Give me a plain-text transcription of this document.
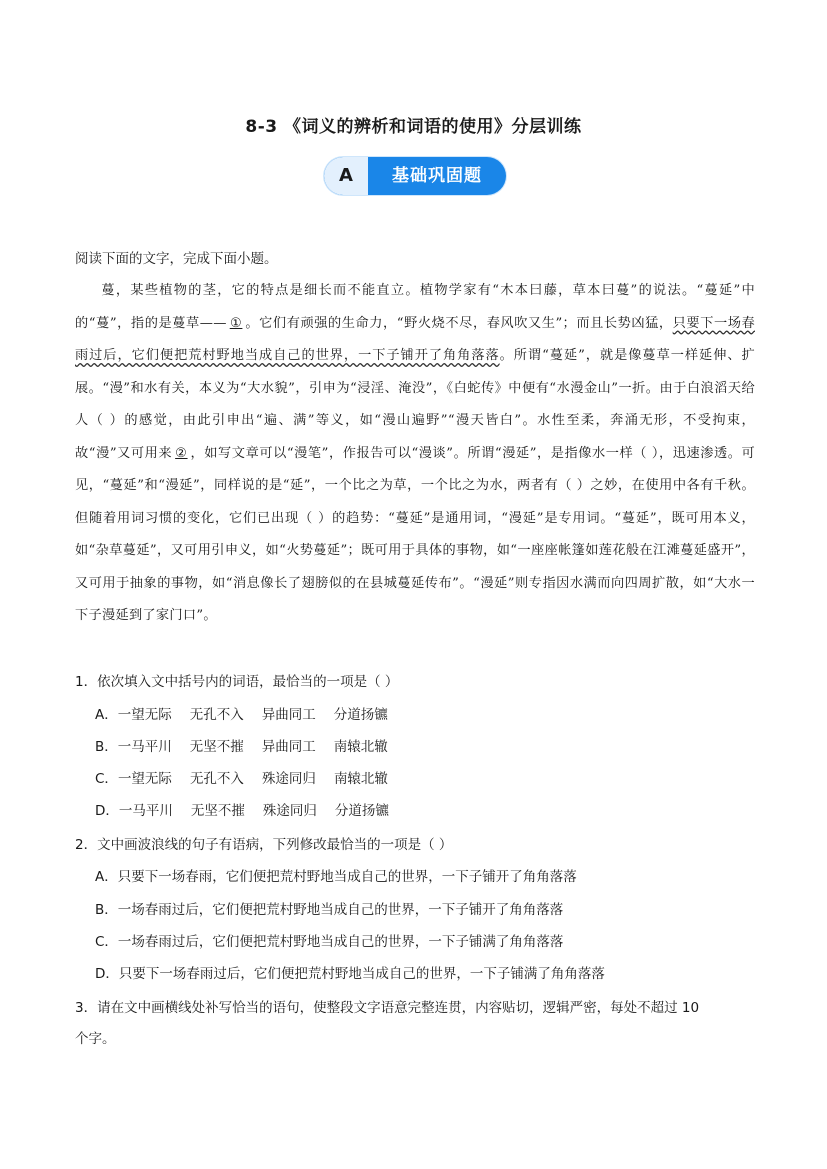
8-3 《词义的辨析和词语的使用》分层训练
A	基础巩固题
阅读下面的文字，完成下面小题。
蔓，某些植物的茎，它的特点是细长而不能直立。植物学家有“木本曰藤，草本曰蔓”的说法。“蔓延”中的“蔓”，指的是蔓草—— ① 。它们有顽强的生命力，“野火烧不尽，春风吹又生”；而且长势凶猛，只要下一场春雨过后，它们便把荒村野地当成自己的世界，一下子铺开了角角落落。所谓“蔓延”，就是像蔓草一样延伸、扩展。“漫”和水有关，本义为“大水貌”，引申为“浸淫、淹没”，《白蛇传》中便有“水漫金山”一折。由于白浪滔天给人（ ）的感觉，由此引申出“遍、满”等义，如“漫山遍野”“漫天皆白”。水性至柔，奔涌无形，不受拘束，故“漫”又可用来 ② ，如写文章可以“漫笔”，作报告可以“漫谈”。所谓“漫延”，是指像水一样（ ），迅速渗透。可见，“蔓延”和“漫延”，同样说的是“延”，一个比之为草，一个比之为水，两者有（ ）之妙，在使用中各有千秋。但随着用词习惯的变化，它们已出现（ ）的趋势：“蔓延”是通用词，“漫延”是专用词。“蔓延”，既可用本义，如“杂草蔓延”，又可用引申义，如“火势蔓延”；既可用于具体的事物，如“一座座帐篷如莲花般在江滩蔓延盛开”，又可用于抽象的事物，如“消息像长了翅膀似的在县城蔓延传布”。“漫延”则专指因水满而向四周扩散，如“大水一下子漫延到了家门口”。
1．依次填入文中括号内的词语，最恰当的一项是（ ）
A．一望无际 无孔不入 异曲同工 分道扬镳
B．一马平川 无坚不摧 异曲同工 南辕北辙
C．一望无际 无孔不入 殊途同归 南辕北辙
D．一马平川 无坚不摧 殊途同归 分道扬镳
2．文中画波浪线的句子有语病，下列修改最恰当的一项是（ ）
A．只要下一场春雨，它们便把荒村野地当成自己的世界，一下子铺开了角角落落
B．一场春雨过后，它们便把荒村野地当成自己的世界，一下子铺开了角角落落
C．一场春雨过后，它们便把荒村野地当成自己的世界，一下子铺满了角角落落
D．只要下一场春雨过后，它们便把荒村野地当成自己的世界，一下子铺满了角角落落
3．请在文中画横线处补写恰当的语句，使整段文字语意完整连贯，内容贴切，逻辑严密，每处不超过 10
个字。
